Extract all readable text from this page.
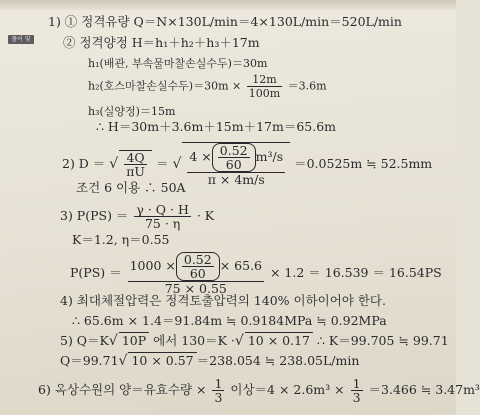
풀이 및 해설
1) ① 정격유량 Q＝N×130L/min＝4×130L/min＝520L/min
② 정격양정 H＝h₁＋h₂＋h₃＋17m
h₁(배관, 부속물마찰손실수두)＝30m
h₂(호스마찰손실수두)$=30m \times \frac{12m}{100m} =3.6m$
h₃(실양정)＝15m
∴ H＝30m＋3.6m＋15m＋17m＝65.6m
2) D ＝ √ $\frac{4Q}{\pi U}$ ＝ √ $\frac{4 \times \frac{0.52}{60} m^3/s}{\pi \times 4m/s} =0.0525m$ ≒ 52.5mm
조건 6 이용 ∴ 50A
3) $P(PS) = \frac{\gamma \cdot Q \cdot H}{75 \cdot \eta} \cdot K$
K＝1.2, η＝0.55
$P(PS) = \frac{1000 \times \frac{0.52}{60} \times 65.6}{75 \times 0.55} \times 1.2 = 16.539 = 16.54PS$
4) 최대체절압력은 정격토출압력의 140% 이하이어야 한다.
∴ 65.6m × 1.4＝91.84m ≒ 0.9184MPa ≒ 0.92MPa
5) Q＝K√ 10P 에서 130＝K ·√ 10 × 0.17 ∴ K＝99.705 ≒ 99.71
Q＝99.71√ 10 × 0.57 ＝238.054 ≒ 238.05L/min
6) 옥상수원의 양＝유효수량 × $\frac{1}{3}$ 이상$=4 \times 2.6m^3 \times \frac{1}{3} =3.466$ ≒ 3.47m³
